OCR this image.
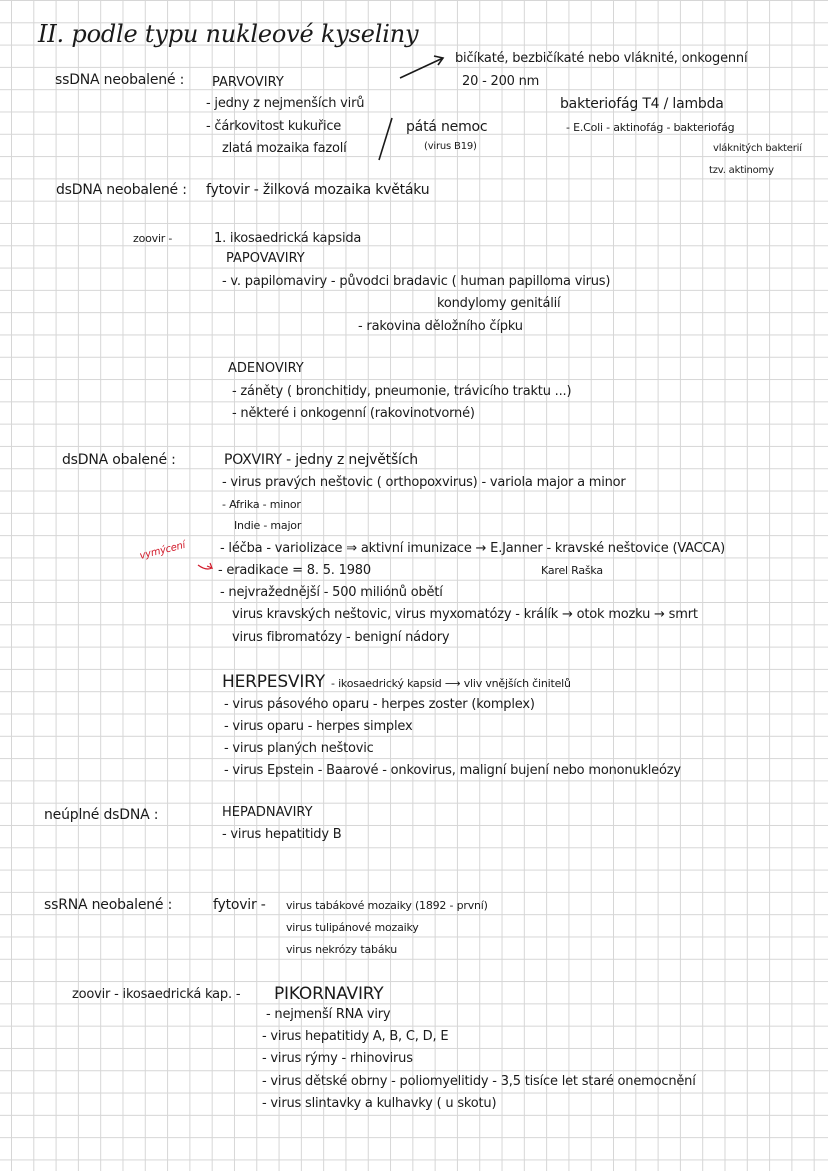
II. podle typu nukleové kyseliny
ssDNA neobalené : PARVOVIRY
- jedny z nejmenších virů
- čárkovitost kukuřice
zlatá mozaika fazolí
pátá nemoc
(virus B19)
bičíkaté, bezbičíkaté nebo vláknité, onkogenní
20 - 200 nm
bakteriofág T4 / lambda
- E.Coli - aktinofág - bakteriofág
vláknitých bakterií
tzv. aktinomy
dsDNA neobalené : fytovir - žilková mozaika květáku
zoovir -	1. ikosaedrická kapsida
PAPOVAVIRY
- v. papilomaviry - původci bradavic ( human papilloma virus)
kondylomy genitálií
- rakovina děložního čípku
ADENOVIRY
- záněty ( bronchitidy, pneumonie, trávicího traktu ...)
- některé i onkogenní (rakovinotvorné)
dsDNA obalené :	POXVIRY - jedny z největších
- virus pravých neštovic ( orthopoxvirus) - variola major a minor
- Afrika - minor
Indie - major
- léčba - variolizace ⇒ aktivní imunizace → E.Janner - kravské neštovice (VACCA)
Karel Raška
- eradikace = 8. 5. 1980
- nejvražednější - 500 miliónů obětí
virus kravských neštovic, virus myxomatózy - králík → otok mozku → smrt
virus fibromatózy - benigní nádory
vymýcení
HERPESVIRY - ikosaedrický kapsid ⟶ vliv vnějších činitelů
- virus pásového oparu - herpes zoster (komplex)
- virus oparu - herpes simplex
- virus planých neštovic
- virus Epstein - Baarové - onkovirus, maligní bujení nebo mononukleózy
neúplné dsDNA :	HEPADNAVIRY
- virus hepatitidy B
ssRNA neobalené :	fytovir - virus tabákové mozaiky (1892 - první)
virus tulipánové mozaiky
virus nekrózy tabáku
zoovir - ikosaedrická kap. - PIKORNAVIRY
- nejmenší RNA viry
- virus hepatitidy A, B, C, D, E
- virus rýmy - rhinovirus
- virus dětské obrny - poliomyelitidy - 3,5 tisíce let staré onemocnění
- virus slintavky a kulhavky ( u skotu)
